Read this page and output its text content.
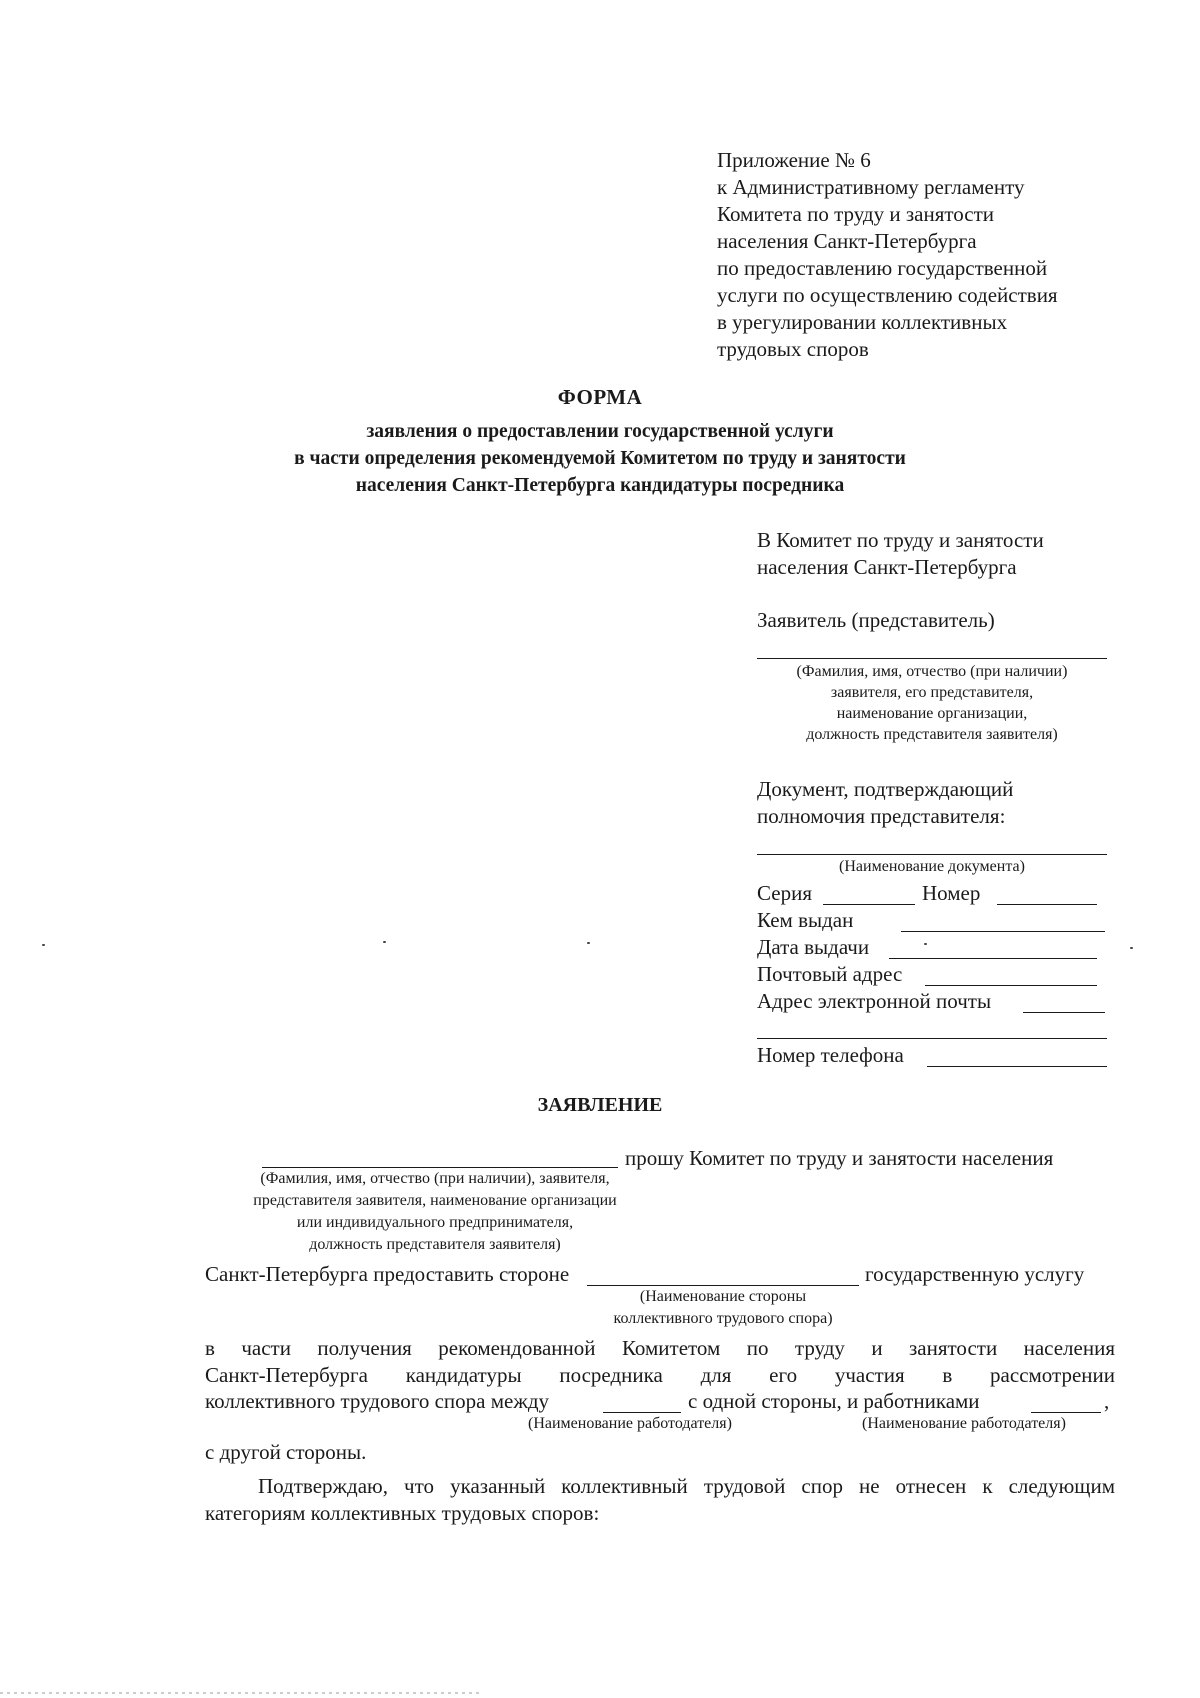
Приложение № 6
к Административному регламенту
Комитета по труду и занятости
населения Санкт-Петербурга
по предоставлению государственной
услуги по осуществлению содействия
в урегулировании коллективных
трудовых споров
ФОРМА
заявления о предоставлении государственной услуги
в части определения рекомендуемой Комитетом по труду и занятости
населения Санкт-Петербурга кандидатуры посредника
В Комитет по труду и занятости
населения Санкт-Петербурга
Заявитель (представитель)
(Фамилия, имя, отчество (при наличии)
заявителя, его представителя,
наименование организации,
должность представителя заявителя)
Документ, подтверждающий
полномочия представителя:
(Наименование документа)
Серия	Номер
Кем выдан
Дата выдачи
Почтовый адрес
Адрес электронной почты
Номер телефона
ЗАЯВЛЕНИЕ
прошу Комитет по труду и занятости населения
(Фамилия, имя, отчество (при наличии), заявителя,
представителя заявителя, наименование организации
или индивидуального предпринимателя,
должность представителя заявителя)
Санкт-Петербурга предоставить стороне	государственную услугу
(Наименование стороны
коллективного трудового спора)
в части получения рекомендованной Комитетом по труду и занятости населения
Санкт-Петербурга кандидатуры посредника для его участия в рассмотрении
коллективного трудового спора между	с одной стороны, и работниками	,
(Наименование работодателя)	(Наименование работодателя)
с другой стороны.
Подтверждаю, что указанный коллективный трудовой спор не отнесен к следующим
категориям коллективных трудовых споров:
